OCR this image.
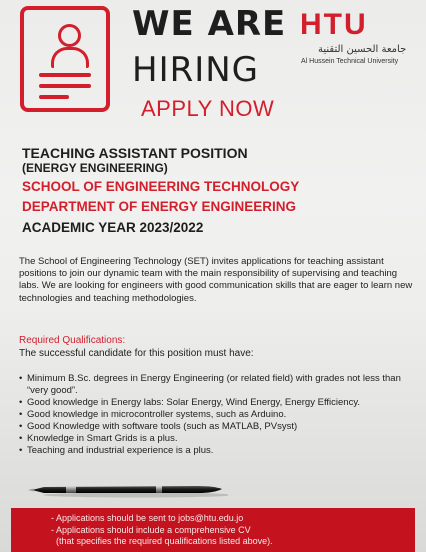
WE ARE
HIRING
APPLY NOW
HTU
جامعة الحسين التقنية
Al Hussein Technical University
TEACHING ASSISTANT POSITION
(ENERGY ENGINEERING)
SCHOOL OF ENGINEERING TECHNOLOGY
DEPARTMENT OF ENERGY ENGINEERING
ACADEMIC YEAR 2023/2022
The School of Engineering Technology (SET) invites applications for teaching assistant positions to join our dynamic team with the main responsibility of supervising and teaching labs. We are looking for engineers with good communication skills that are eager to learn new technologies and teaching methodologies.
Required Qualifications:
The successful candidate for this position must have:
• Minimum B.Sc. degrees in Energy Engineering (or related field) with grades not less than “very good”.
• Good knowledge in Energy labs: Solar Energy, Wind Energy, Energy Efficiency.
• Good knowledge in microcontroller systems, such as Arduino.
• Good Knowledge with software tools (such as MATLAB, PVsyst)
• Knowledge in Smart Grids is a plus.
• Teaching and industrial experience is a plus.
- Applications should be sent to jobs@htu.edu.jo
- Applications should include a comprehensive CV
(that specifies the required qualifications listed above).
